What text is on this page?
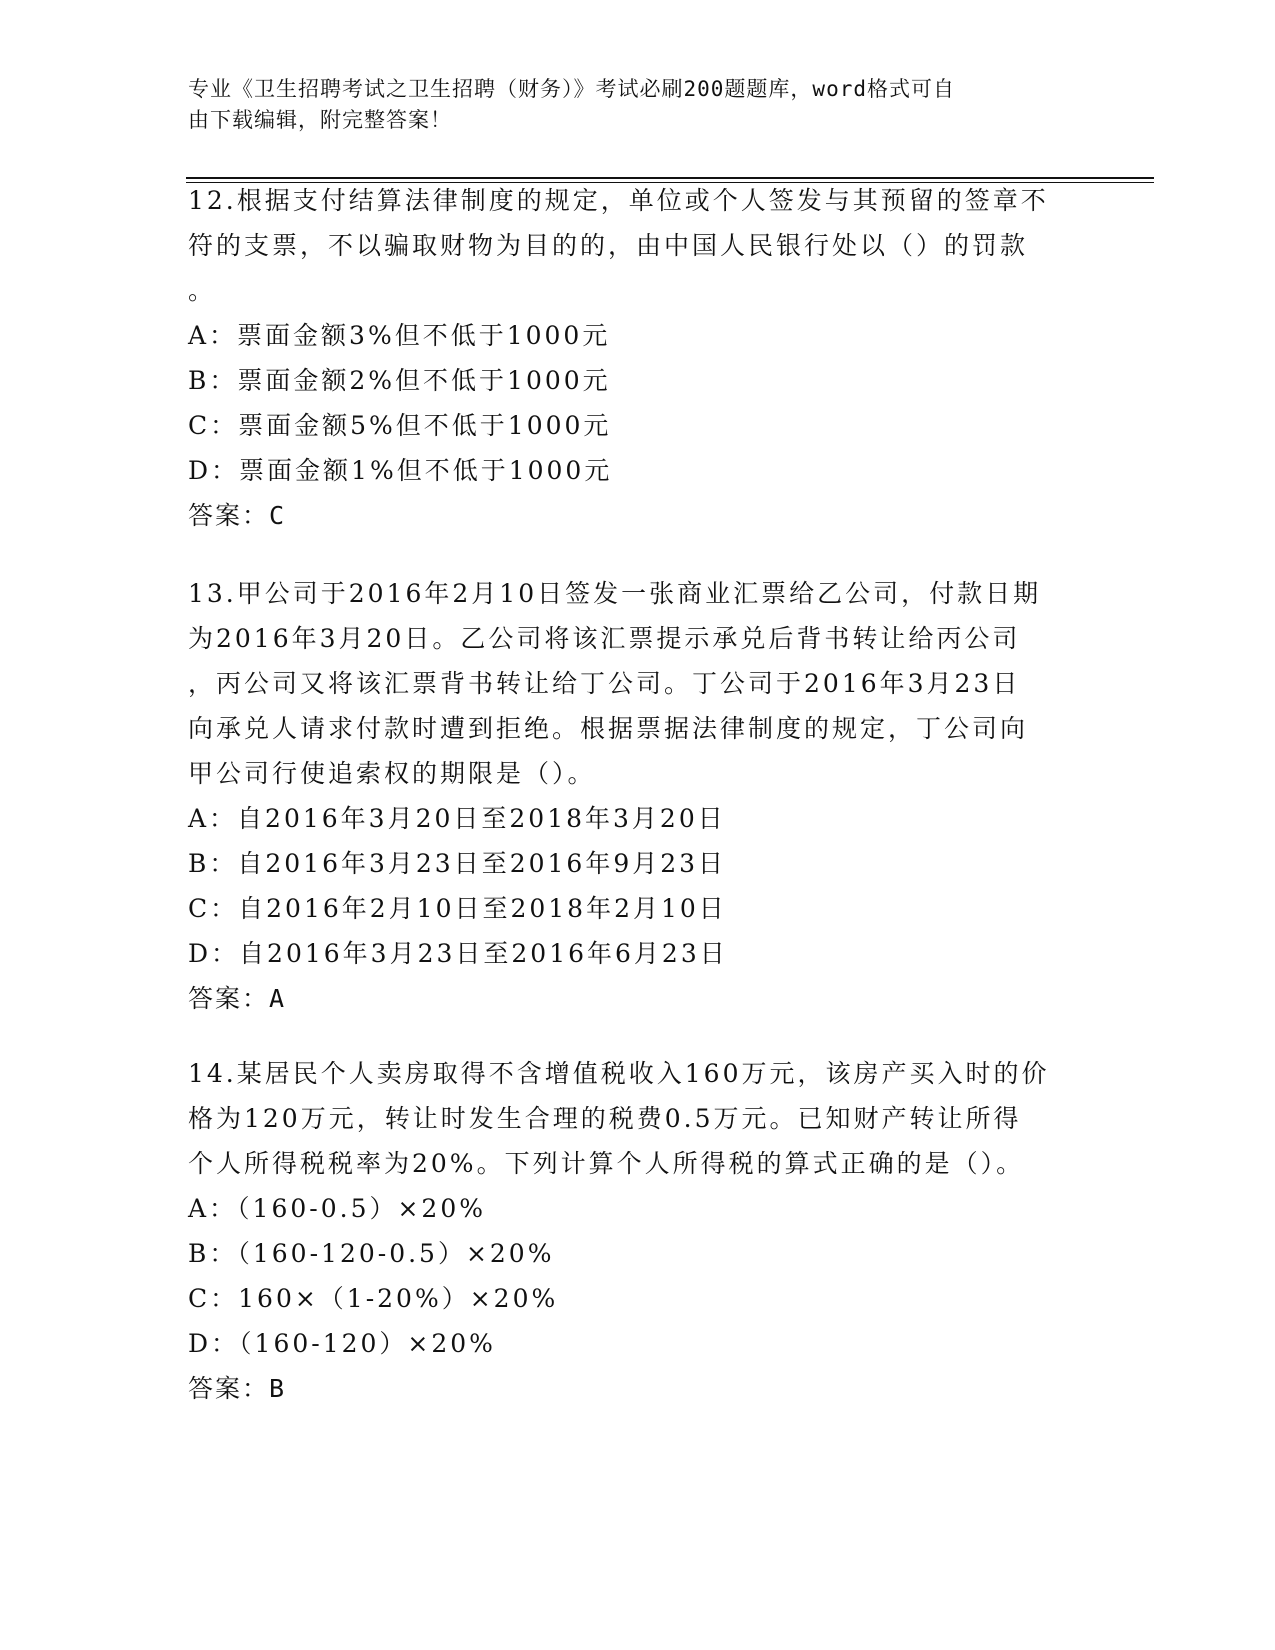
专业《卫生招聘考试之卫生招聘（财务）》考试必刷200题题库，word格式可自
由下载编辑，附完整答案！
12.根据支付结算法律制度的规定，单位或个人签发与其预留的签章不
符的支票，不以骗取财物为目的的，由中国人民银行处以（）的罚款
。
A：票面金额3%但不低于1000元
B：票面金额2%但不低于1000元
C：票面金额5%但不低于1000元
D：票面金额1%但不低于1000元
答案：C
13.甲公司于2016年2月10日签发一张商业汇票给乙公司，付款日期
为2016年3月20日。乙公司将该汇票提示承兑后背书转让给丙公司
，丙公司又将该汇票背书转让给丁公司。丁公司于2016年3月23日
向承兑人请求付款时遭到拒绝。根据票据法律制度的规定，丁公司向
甲公司行使追索权的期限是（）。
A：自2016年3月20日至2018年3月20日
B：自2016年3月23日至2016年9月23日
C：自2016年2月10日至2018年2月10日
D：自2016年3月23日至2016年6月23日
答案：A
14.某居民个人卖房取得不含增值税收入160万元，该房产买入时的价
格为120万元，转让时发生合理的税费0.5万元。已知财产转让所得
个人所得税税率为20%。下列计算个人所得税的算式正确的是（）。
A：（160-0.5）×20%
B：（160-120-0.5）×20%
C：160×（1-20%）×20%
D：（160-120）×20%
答案：B
